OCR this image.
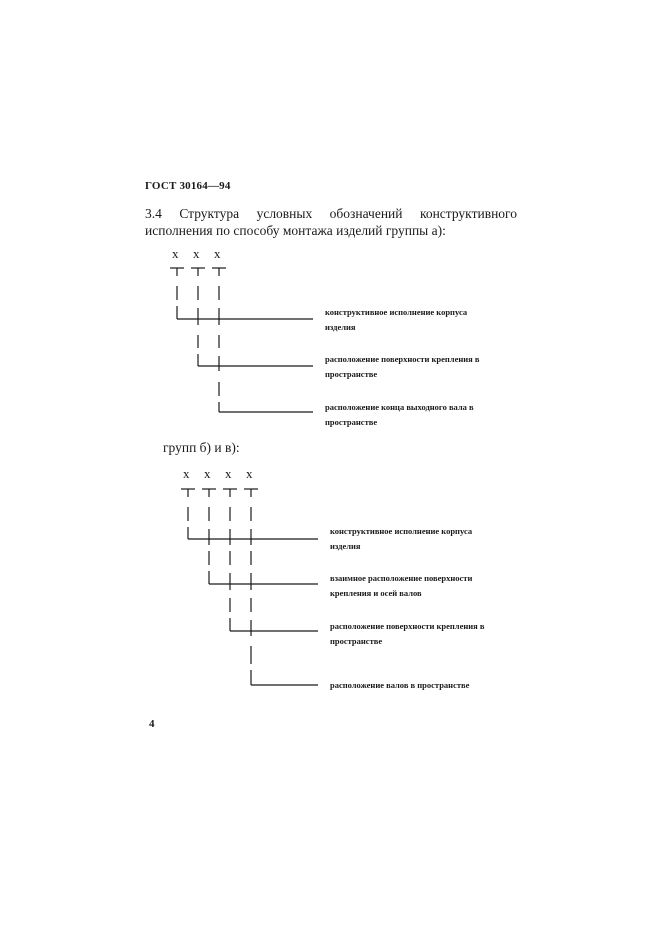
ГОСТ 30164—94
3.4 Структура условных обозначений конструктивного исполнения по способу монтажа изделий группы а):
x x x
конструктивное исполнение корпуса изделия
расположение поверхности крепления в пространстве
расположение конца выходного вала в пространстве
групп б) и в):
x x x x
конструктивное исполнение корпуса изделия
взаимное расположение поверхности крепления и осей валов
расположение поверхности крепления в пространстве
расположение валов в пространстве
4
